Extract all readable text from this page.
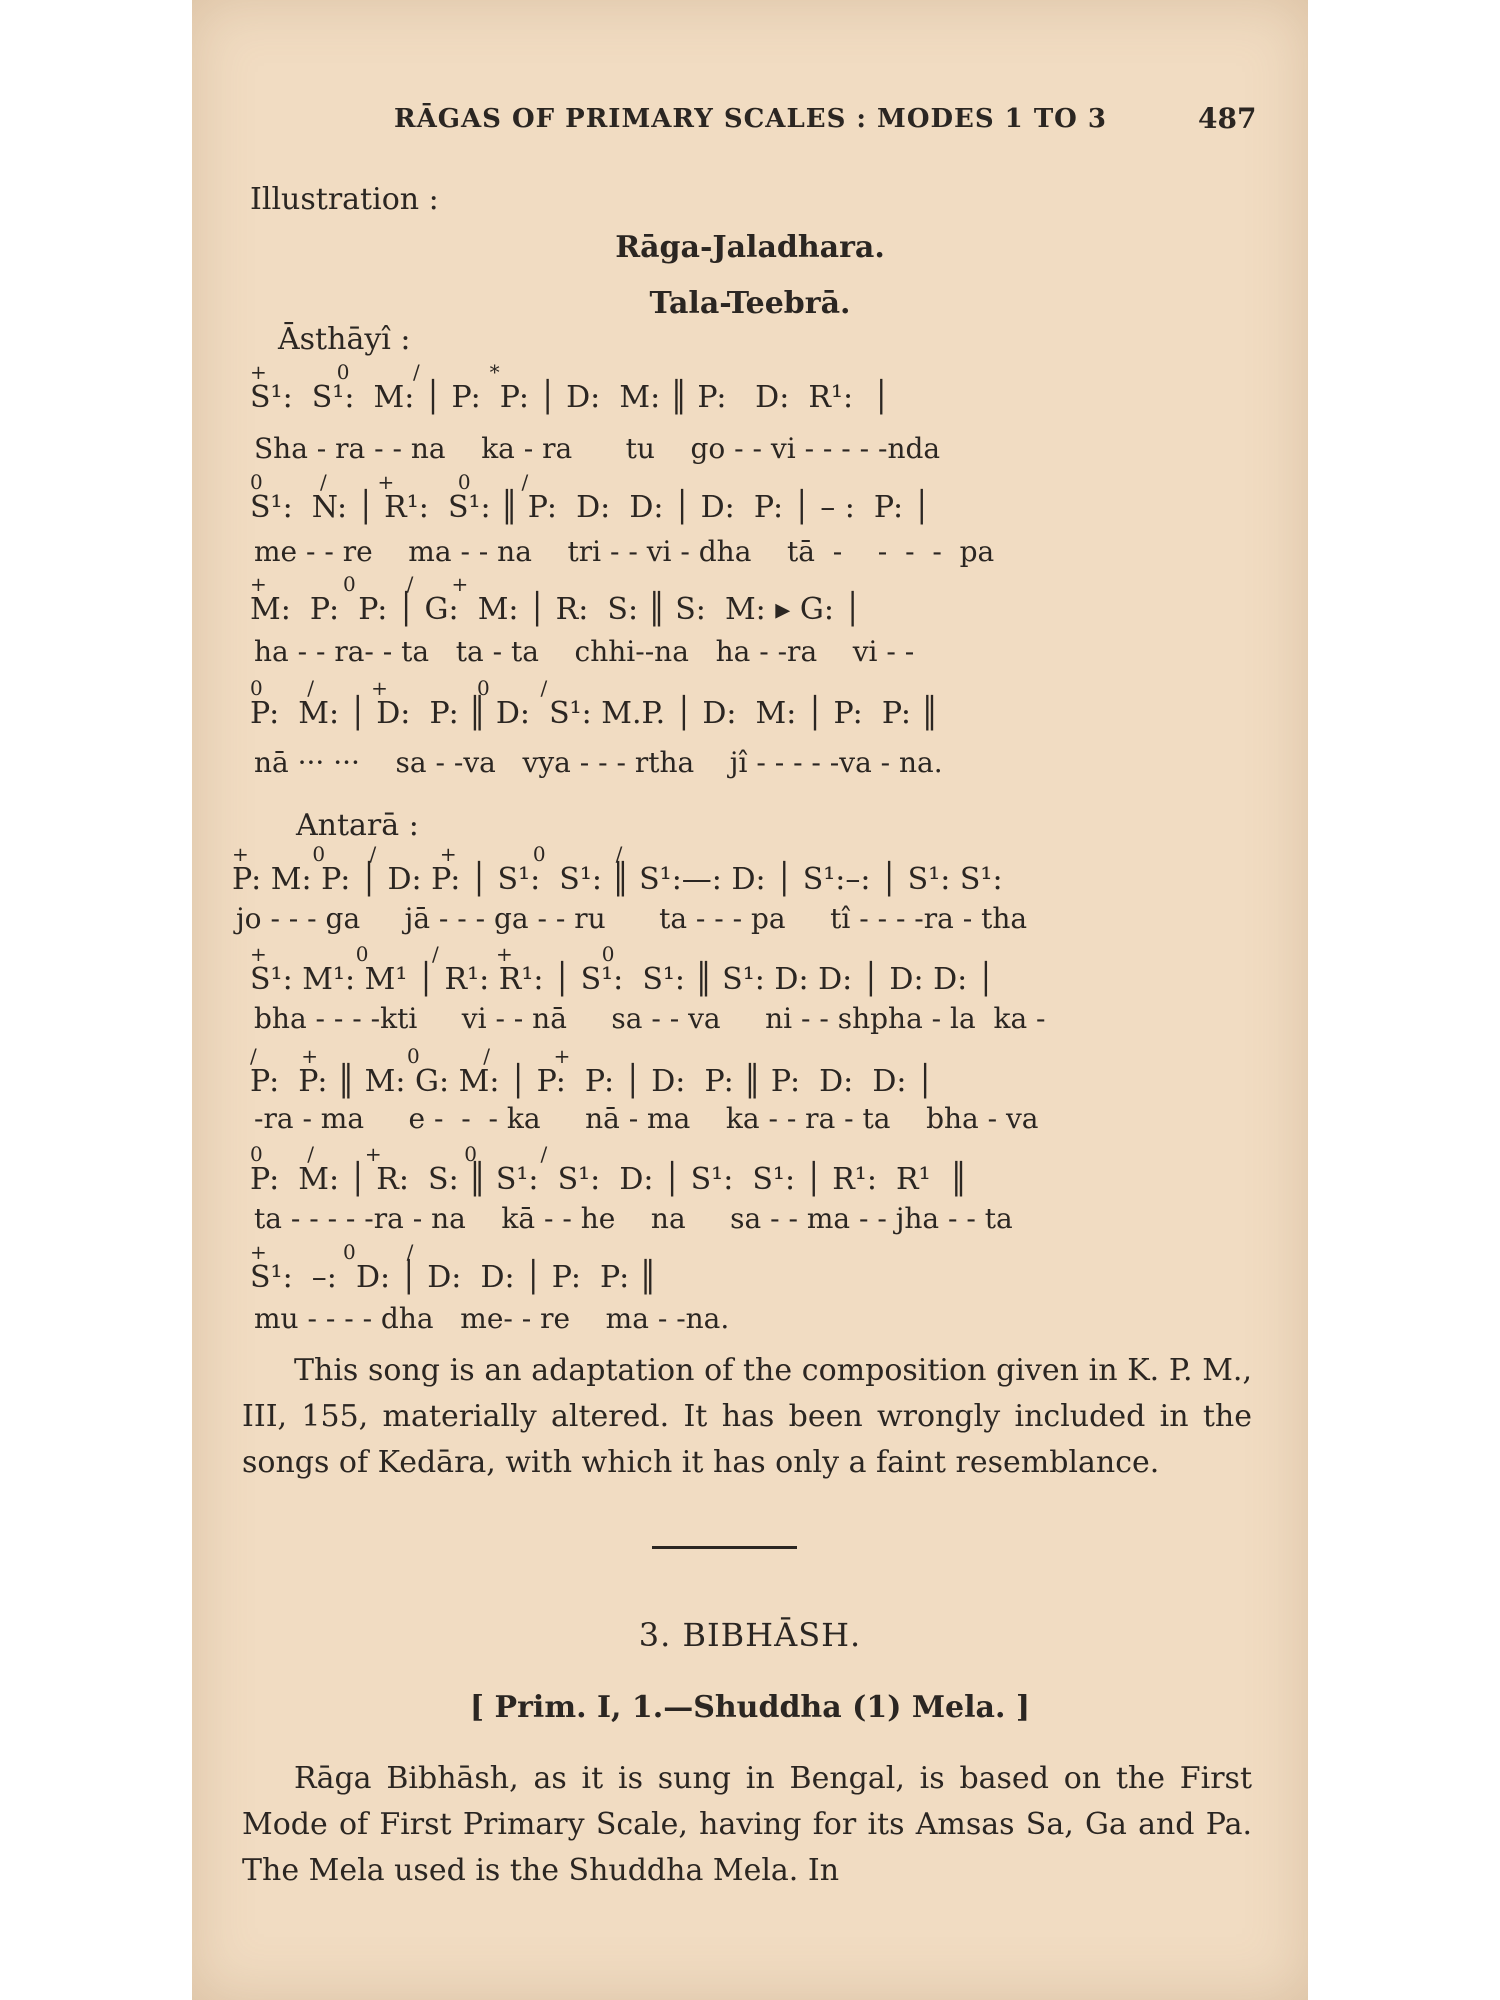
RĀGAS OF PRIMARY SCALES : MODES 1 TO 3	487
Illustration :
Rāga-Jaladhara.
Tala-Teebrā.
Āsthāyî :
+           0          /           *
S¹:  S¹:  M: │ P:  P: │ D:  M: ║ P:   D:  R¹:  │
Sha - ra - - na    ka - ra      tu    go - - vi - - - - -nda
0         /        +          0        /
S¹:  N: │ R¹:  S¹: ║ P:  D:  D: │ D:  P: │ – :  P: │
me - - re    ma - - na    tri - - vi - dha    tā  -    -  -  -  pa
+            0        /      +
M:  P:  P: │ G:  M: │ R:  S: ║ S:  M: ▸ G: │
ha - - ra- - ta   ta - ta    chhi--na   ha - -ra    vi - -
0       /         +              0        /
P:  M: │ D:  P: ║ D:  S¹: M.P. │ D:  M: │ P:  P: ║
nā ··· ···    sa - -va   vya - - - rtha    jî - - - - -va - na.
Antarā :
+          0       /          +            0           /
P: M: P: │ D: P: │ S¹:  S¹: ║ S¹:—: D: │ S¹:–: │ S¹: S¹:
jo - - - ga     jā - - - ga - - ru      ta - - - pa     tî - - - -ra - tha
+              0          /         +              0
S¹: M¹: M¹ │ R¹: R¹: │ S¹:  S¹: ║ S¹: D: D: │ D: D: │
bha - - - -kti     vi - - nā     sa - - va     ni - - shpha - la  ka -
/       +              0          /          +
P:  P: ║ M: G: M: │ P:  P: │ D:  P: ║ P:  D:  D: │
-ra - ma     e -  -  - ka     nā - ma    ka - - ra - ta    bha - va
0       /        +             0          /
P:  M: │ R:  S: ║ S¹:  S¹:  D: │ S¹:  S¹: │ R¹:  R¹  ║
ta - - - - -ra - na    kā - - he    na     sa - - ma - - jha - - ta
+            0        /
S¹:  –:  D: │ D:  D: │ P:  P: ║
mu - - - - dha   me- - re    ma - -na.

This song is an adaptation of the composition given in K. P. M., III, 155, materially altered. It has been wrongly included in the songs of Kedāra, with which it has only a faint resemblance.

3. BIBHĀSH.
[ Prim. I, 1.—Shuddha (1) Mela. ]

Rāga Bibhāsh, as it is sung in Bengal, is based on the First Mode of First Primary Scale, having for its Amsas Sa, Ga and Pa. The Mela used is the Shuddha Mela. In
